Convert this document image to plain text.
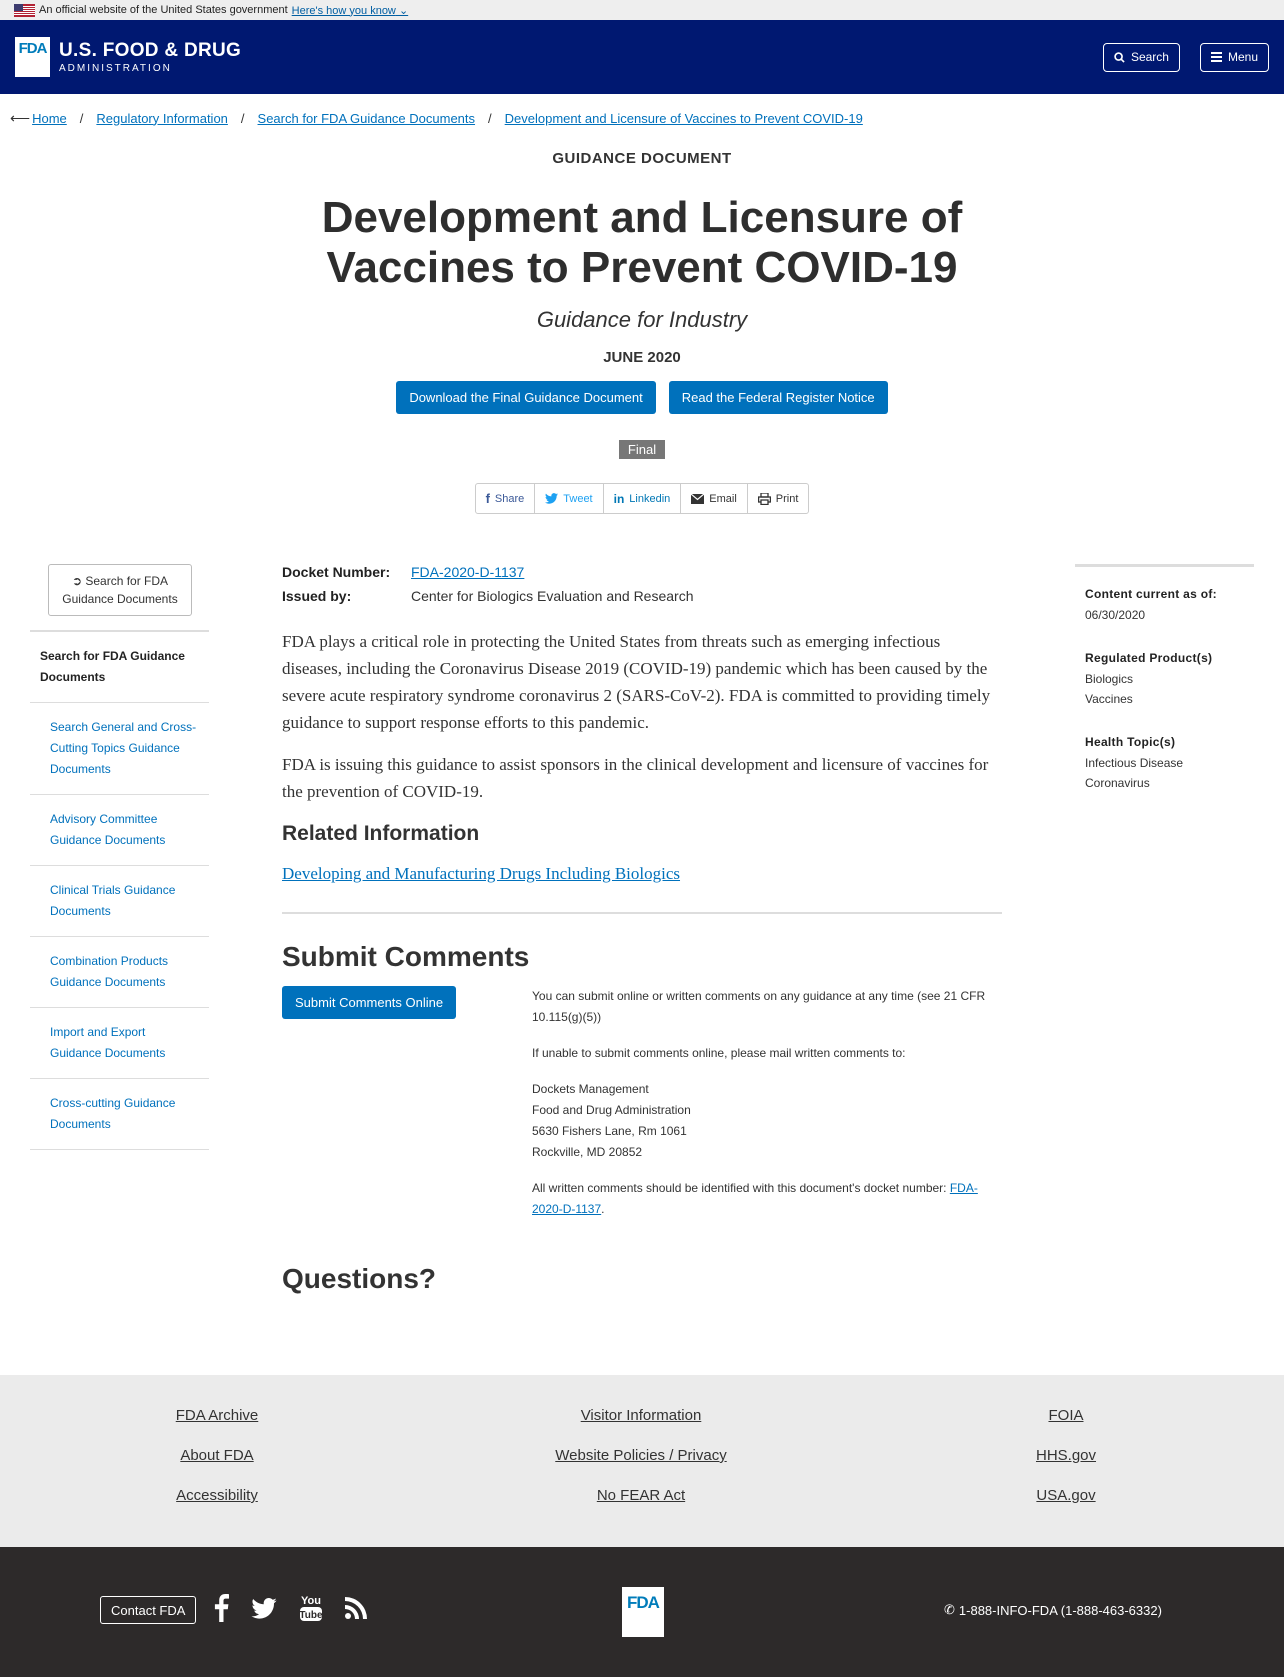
An official website of the United States government Here's how you know ⌄
FDA U.S. FOOD & DRUG
ADMINISTRATION
Search	Menu
⟵ Home / Regulatory Information / Search for FDA Guidance Documents / Development and Licensure of Vaccines to Prevent COVID-19
GUIDANCE DOCUMENT
Development and Licensure of Vaccines to Prevent COVID-19
Guidance for Industry
JUNE 2020
Download the Final Guidance Document	Read the Federal Register Notice
Final
f Share	Tweet in Linkedin	Email	Print
➲ Search for FDA
Guidance Documents
Search for FDA Guidance Documents
Search General and Cross-Cutting Topics Guidance Documents
Advisory Committee Guidance Documents
Clinical Trials Guidance Documents
Combination Products Guidance Documents
Import and Export Guidance Documents
Cross-cutting Guidance Documents
Docket Number:	FDA-2020-D-1137
Issued by:	Center for Biologics Evaluation and Research

FDA plays a critical role in protecting the United States from threats such as emerging infectious diseases, including the Coronavirus Disease 2019 (COVID-19) pandemic which has been caused by the severe acute respiratory syndrome coronavirus 2 (SARS-CoV-2). FDA is committed to providing timely guidance to support response efforts to this pandemic.

FDA is issuing this guidance to assist sponsors in the clinical development and licensure of vaccines for the prevention of COVID-19.

Related Information
Developing and Manufacturing Drugs Including Biologics
Submit Comments
Submit Comments Online	You can submit online or written comments on any guidance at any time (see 21 CFR 10.115(g)(5))

If unable to submit comments online, please mail written comments to:

Dockets Management
Food and Drug Administration
5630 Fishers Lane, Rm 1061
Rockville, MD 20852

All written comments should be identified with this document's docket number: FDA-2020-D-1137.

Questions?
Content current as of:
06/30/2020
Regulated Product(s)
Biologics
Vaccines
Health Topic(s)
Infectious Disease
Coronavirus
FDA Archive
About FDA
Accessibility
Visitor Information
Website Policies / Privacy
No FEAR Act
FOIA
HHS.gov
USA.gov
Contact FDA
You
Tube
FDA	✆ 1-888-INFO-FDA (1-888-463-6332)
